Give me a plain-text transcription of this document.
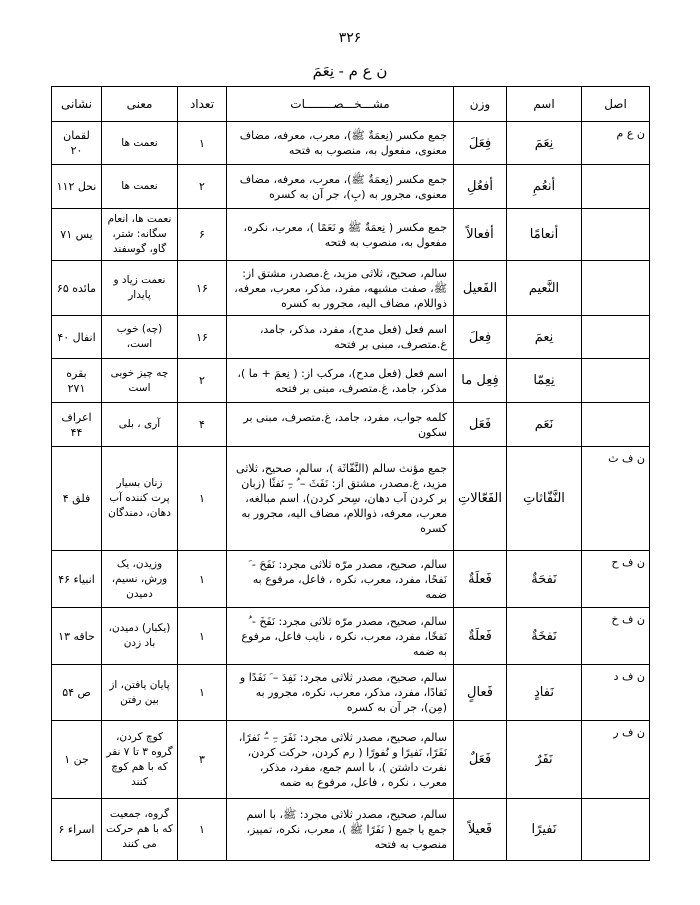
۳۲۶
ن ع م - نِعَمَ
اصل	اسم	وزن	مشـــخـــصــــــــات	تعداد	معنی	نشانی
ن ع م	نِعَمَ	فِعَلَ	جمع مکسر (نِعمَةٌ ﷺ)، معرب، معرفه، مضاف معنوی، مفعول به، منصوب به فتحه	۱	نعمت ها	لقمان ۲۰
	أنعُمِ	أفعُلِ	جمع مکسر (نِعمَةٌ ﷺ)، معرب، معرفه، مضاف معنوی، مجرور به (بِ)، جر آن به کسره	۲	نعمت ها	نحل ۱۱۲
	أنعامًا	أفعالاً	جمع مکسر ( نِعمَةٌ ﷺ و نَعَمًا )، معرب، نکره، مفعول به، منصوب به فتحه	۶	نعمت ها، انعام سگانه: شتر، گاو، گوسفند	یس ۷۱
	النَّعیم	الفَعیل	سالم، صحیح، ثلاثی مزید، غ.مصدر، مشتق از: ﷺ، صفت مشبهه، مفرد، مذکر، معرب، معرفه، ذواللام، مضاف الیه، مجرور به کسره	۱۶	نعمت زیاد و پایدار	مائده ۶۵
	نِعمَ	فِعلَ	اسم فعل (فعل مدح)، مفرد، مذکر، جامد، غ.متصرف، مبنی بر فتحه	۱۶	(چه) خوب است،	انفال ۴۰
	نِعِمّا	فِعِل ما	اسم فعل (فعل مدح)، مرکب از: ( نِعمَ + ما )، مذکر، جامد، غ.متصرف، مبنی بر فتحه	۲	چه چیز خوبی است	بقره ۲۷۱
	نَعَم	فَعَل	کلمه جواب، مفرد، جامد، غ.متصرف، مبنی بر سکون	۴	آری ، بلی	اعراف ۴۴
ن ف ث	النَّفّاثاتِ	الفَعّالاتِ	جمع مؤنث سالم (النَّفّاثَة )، سالم، صحیح، ثلاثی مزید، غ.مصدر، مشتق از: نَفَثَ – ُ –ِ نَفثًا (زبان بر کردن آب دهان، سِحر کردن)، اسم مبالغه، معرب، معرفه، ذواللام، مضاف الیه، مجرور به کسره	۱	زنان بسیار پرت کننده آب دهان، دمندگان	فلق ۴
ن ف ح	نَفحَةٌ	فَعلَةٌ	سالم، صحیح، مصدر مرّه ثلاثی مجرد: نَفَحَ - َ نَفحًا، مفرد، معرب، نکره ، فاعل، مرفوع به ضمه	۱	وزیدن، یک ورش، نسیم، دمیدن	انبیاء ۴۶
ن ف خ	نَفخَةٌ	فَعلَةٌ	سالم، صحیح، مصدر مرّه ثلاثی مجرد: نَفَخَ - ُ نَفخًا، مفرد، معرب، نکره ، نایب فاعل، مرفوع به ضمه	۱	(یکبار) دمیدن، باد زدن	حاقه ۱۳
ن ف د	نَفادٍ	فَعالٍ	سالم، صحیح، مصدر ثلاثی مجرد: نَفِدَ – َ نَفَدًا و نَفادًا، مفرد، مذکر، معرب، نکره، مجرور به (مِن)، جر آن به کسره	۱	پایان یافتن، از بین رفتن	ص ۵۴
ن ف ر	نَفَرٌ	فَعَلٌ	سالم، صحیح، مصدر ثلاثی مجرد: نَفَرَ –ِ –ُ نَفرًا، نَفَرًا، نَفیرًا و نُفورًا ( رم کردن، حرکت کردن، نفرت داشتن )، با اسم جمع، مفرد، مذکر، معرب ، نکره ، فاعل، مرفوع به ضمه	۳	کوچ کردن، گروه ۳ تا ۷ نفر که با هم کوچ کنند	جن ۱
	نَفیرًا	فَعیلاً	سالم، صحیح، مصدر ثلاثی مجرد: ﷺ، با اسم جمع یا جمع ( نَفَرًا ﷺ )، معرب، نکره، تمییز، منصوب به فتحه	۱	گروه، جمعیت که با هم حرکت می کنند	اسراء ۶
